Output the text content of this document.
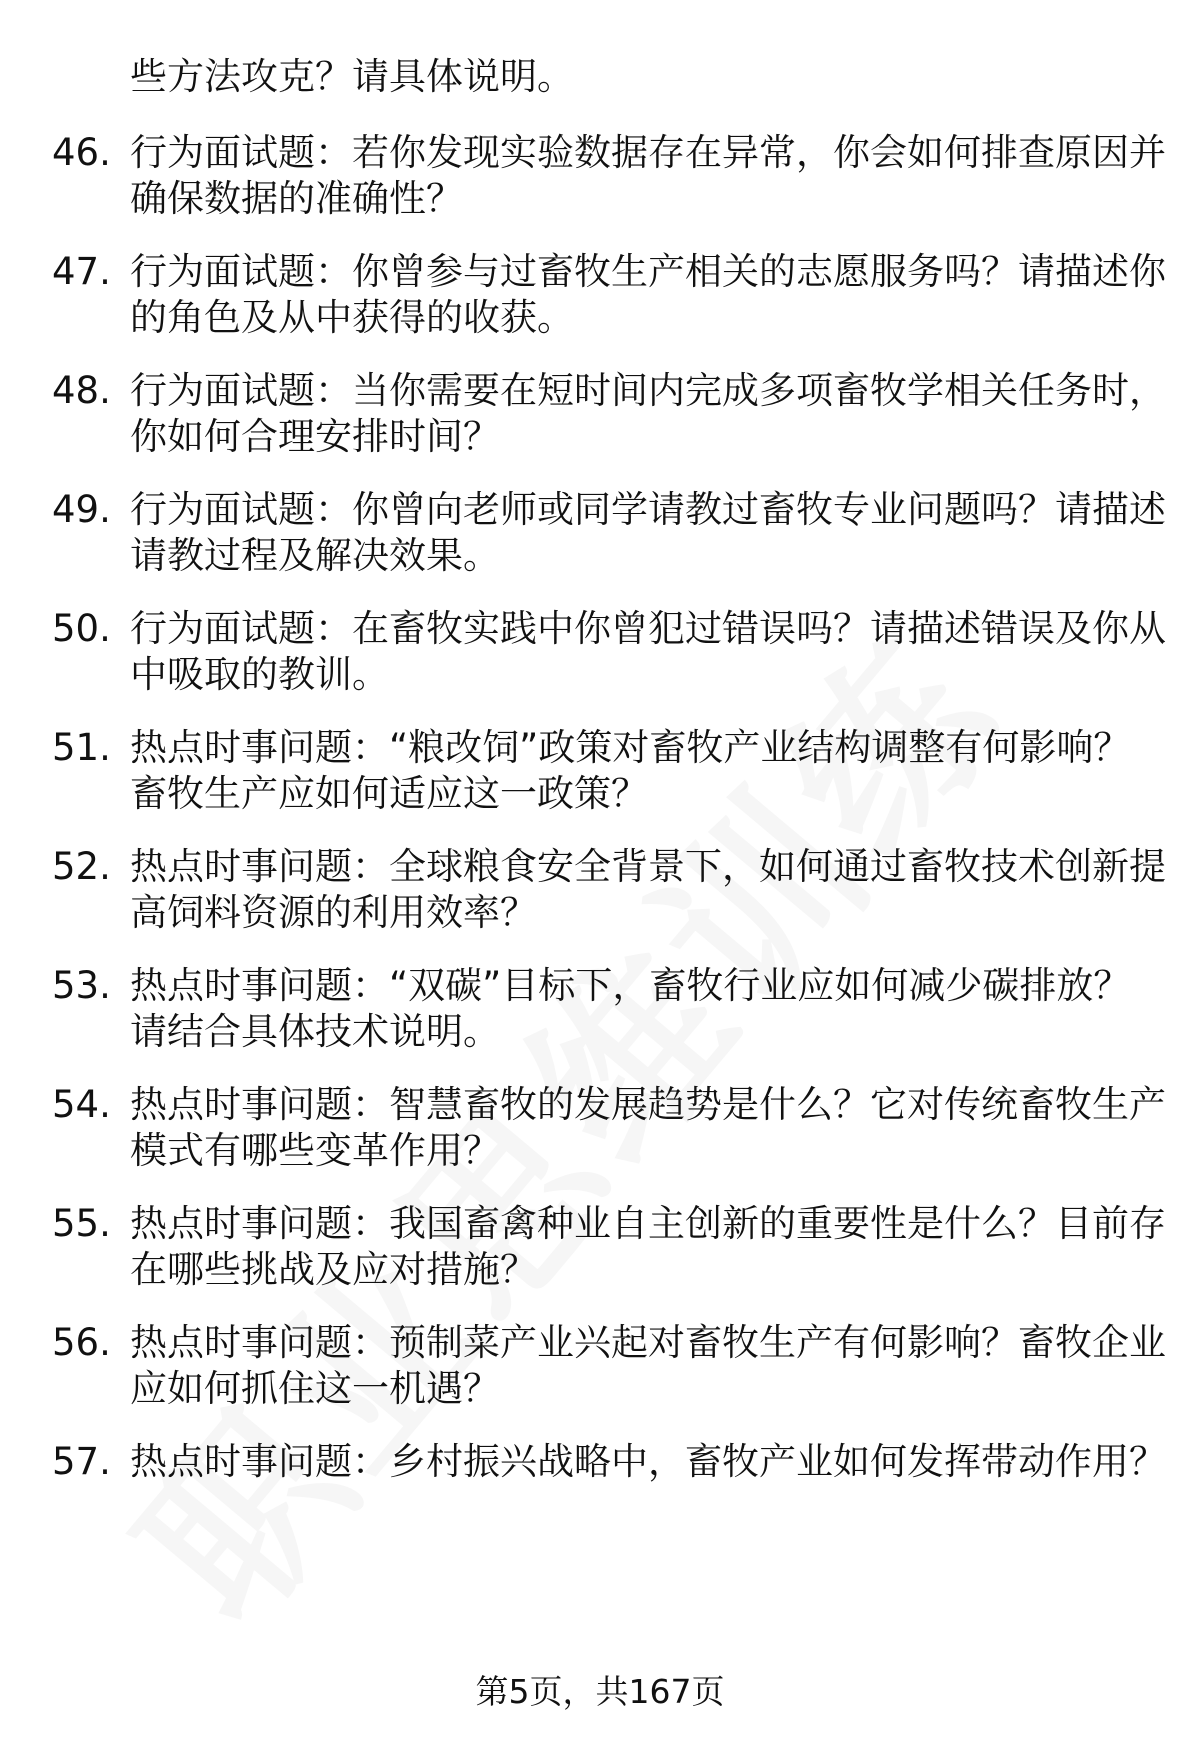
些方法攻克？请具体说明。
46. 行为面试题：若你发现实验数据存在异常，你会如何排查原因并
确保数据的准确性？
47. 行为面试题：你曾参与过畜牧生产相关的志愿服务吗？请描述你
的角色及从中获得的收获。
48. 行为面试题：当你需要在短时间内完成多项畜牧学相关任务时，
你如何合理安排时间？
49. 行为面试题：你曾向老师或同学请教过畜牧专业问题吗？请描述
请教过程及解决效果。
50. 行为面试题：在畜牧实践中你曾犯过错误吗？请描述错误及你从
中吸取的教训。
51. 热点时事问题：“粮改饲”政策对畜牧产业结构调整有何影响？
畜牧生产应如何适应这一政策？
52. 热点时事问题：全球粮食安全背景下，如何通过畜牧技术创新提
高饲料资源的利用效率？
53. 热点时事问题：“双碳”目标下，畜牧行业应如何减少碳排放？
请结合具体技术说明。
54. 热点时事问题：智慧畜牧的发展趋势是什么？它对传统畜牧生产
模式有哪些变革作用？
55. 热点时事问题：我国畜禽种业自主创新的重要性是什么？目前存
在哪些挑战及应对措施？
56. 热点时事问题：预制菜产业兴起对畜牧生产有何影响？畜牧企业
应如何抓住这一机遇？
57. 热点时事问题：乡村振兴战略中，畜牧产业如何发挥带动作用？
第5页，共167页
